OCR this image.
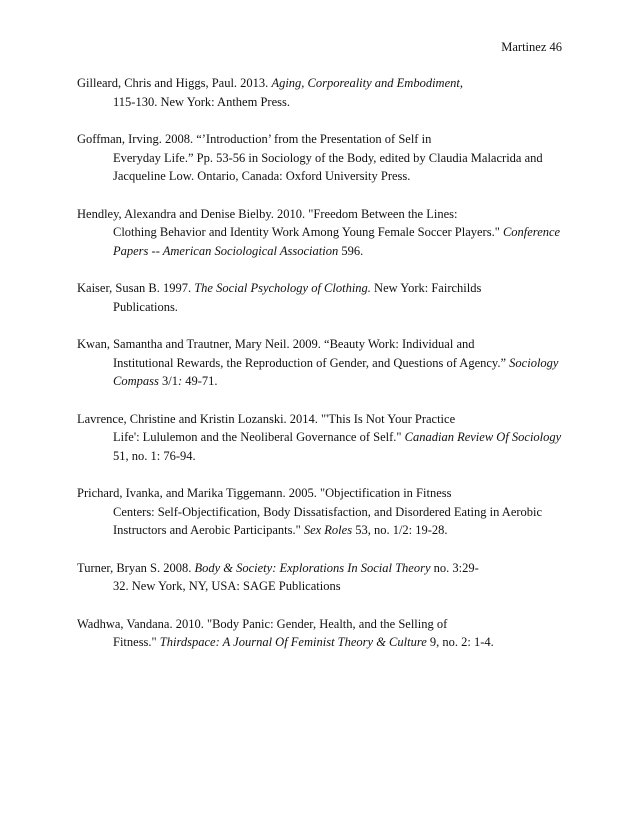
Martinez 46
Gilleard, Chris and Higgs, Paul. 2013. Aging, Corporeality and Embodiment,
115-130. New York: Anthem Press.
Goffman, Irving. 2008. “’Introduction’ from the Presentation of Self in
Everyday Life.” Pp. 53-56 in Sociology of the Body, edited by Claudia Malacrida and
Jacqueline Low. Ontario, Canada: Oxford University Press.
Hendley, Alexandra and Denise Bielby. 2010. "Freedom Between the Lines:
Clothing Behavior and Identity Work Among Young Female Soccer Players." Conference
Papers -- American Sociological Association 596.
Kaiser, Susan B. 1997. The Social Psychology of Clothing. New York: Fairchilds
Publications.
Kwan, Samantha and Trautner, Mary Neil. 2009. “Beauty Work: Individual and
Institutional Rewards, the Reproduction of Gender, and Questions of Agency.” Sociology
Compass 3/1: 49-71.
Lavrence, Christine and Kristin Lozanski. 2014. "'This Is Not Your Practice
Life': Lululemon and the Neoliberal Governance of Self." Canadian Review Of Sociology
51, no. 1: 76-94.
Prichard, Ivanka, and Marika Tiggemann. 2005. "Objectification in Fitness
Centers: Self-Objectification, Body Dissatisfaction, and Disordered Eating in Aerobic
Instructors and Aerobic Participants." Sex Roles 53, no. 1/2: 19-28.
Turner, Bryan S. 2008. Body & Society: Explorations In Social Theory no. 3:29-
32. New York, NY, USA: SAGE Publications
Wadhwa, Vandana. 2010. "Body Panic: Gender, Health, and the Selling of
Fitness." Thirdspace: A Journal Of Feminist Theory & Culture 9, no. 2: 1-4.
